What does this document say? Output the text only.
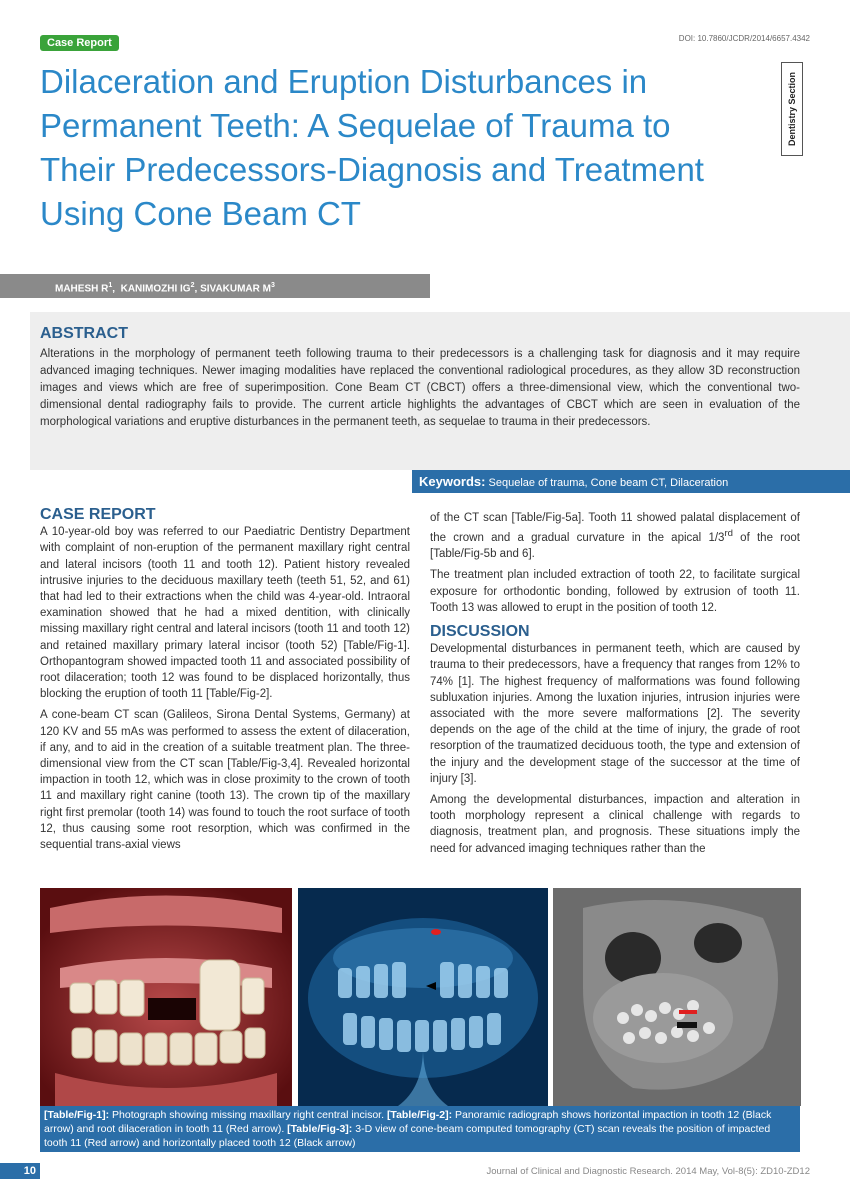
Case Report	DOI: 10.7860/JCDR/2014/6657.4342
Dilaceration and Eruption Disturbances in Permanent Teeth: A Sequelae of Trauma to Their Predecessors-Diagnosis and Treatment Using Cone Beam CT
Dentistry Section
MAHESH $R^1$,  KANIMOZHI $IG^2$, SIVAKUMAR $M^3$
ABSTRACT
Alterations in the morphology of permanent teeth following trauma to their predecessors is a challenging task for diagnosis and it may require advanced imaging techniques. Newer imaging modalities have replaced the conventional radiological procedures, as they allow 3D reconstruction images and views which are free of superimposition. Cone Beam CT (CBCT) offers a three-dimensional view, which the conventional two-dimensional dental radiography fails to provide. The current article highlights the advantages of CBCT which are seen in evaluation of the morphological variations and eruptive disturbances in the permanent teeth, as sequelae to trauma in their predecessors.
Keywords: Sequelae of trauma, Cone beam CT, Dilaceration
CASE REPORT

A 10-year-old boy was referred to our Paediatric Dentistry Department with complaint of non-eruption of the permanent maxillary right central and lateral incisors (tooth 11 and tooth 12). Patient history revealed intrusive injuries to the deciduous maxillary teeth (teeth 51, 52, and 61) that had led to their extractions when the child was 4-year-old. Intraoral examination showed that he had a mixed dentition, with clinically missing maxillary right central and lateral incisors (tooth 11 and tooth 12) and retained maxillary primary lateral incisor (tooth 52) [Table/Fig-1]. Orthopantogram showed impacted tooth 11 and associated possibility of root dilaceration; tooth 12 was found to be displaced horizontally, thus blocking the eruption of tooth 11 [Table/Fig-2].

A cone-beam CT scan (Galileos, Sirona Dental Systems, Germany) at 120 KV and 55 mAs was performed to assess the extent of dilaceration, if any, and to aid in the creation of a suitable treatment plan. The three-dimensional view from the CT scan [Table/Fig-3,4]. Revealed horizontal impaction in tooth 12, which was in close proximity to the crown of tooth 11 and maxillary right canine (tooth 13). The crown tip of the maxillary right first premolar (tooth 14) was found to touch the root surface of tooth 12, thus causing some root resorption, which was confirmed in the sequential trans-axial views

of the CT scan [Table/Fig-5a]. Tooth 11 showed palatal displacement of the crown and a gradual curvature in the apical 1/3rd of the root [Table/Fig-5b and 6].

The treatment plan included extraction of tooth 22, to facilitate surgical exposure for orthodontic bonding, followed by extrusion of tooth 11. Tooth 13 was allowed to erupt in the position of tooth 12.

DISCUSSION

Developmental disturbances in permanent teeth, which are caused by trauma to their predecessors, have a frequency that ranges from 12% to 74% [1]. The highest frequency of malformations was found following subluxation injuries. Among the luxation injuries, intrusion injuries were associated with the more severe malformations [2]. The severity depends on the age of the child at the time of injury, the grade of root resorption of the traumatized deciduous tooth, the type and extension of the injury and the development stage of the successor at the time of injury [3].

Among the developmental disturbances, impaction and alteration in tooth morphology represent a clinical challenge with regards to diagnosis, treatment plan, and prognosis. These situations imply the need for advanced imaging techniques rather than the

[Table/Fig-1]: Photograph showing missing maxillary right central incisor. [Table/Fig-2]: Panoramic radiograph shows horizontal impaction in tooth 12 (Black arrow) and root dilaceration in tooth 11 (Red arrow). [Table/Fig-3]: 3-D view of cone-beam computed tomography (CT) scan reveals the position of impacted tooth 11 (Red arrow) and horizontally placed tooth 12 (Black arrow)
10	Journal of Clinical and Diagnostic Research. 2014 May, Vol-8(5): ZD10-ZD12
